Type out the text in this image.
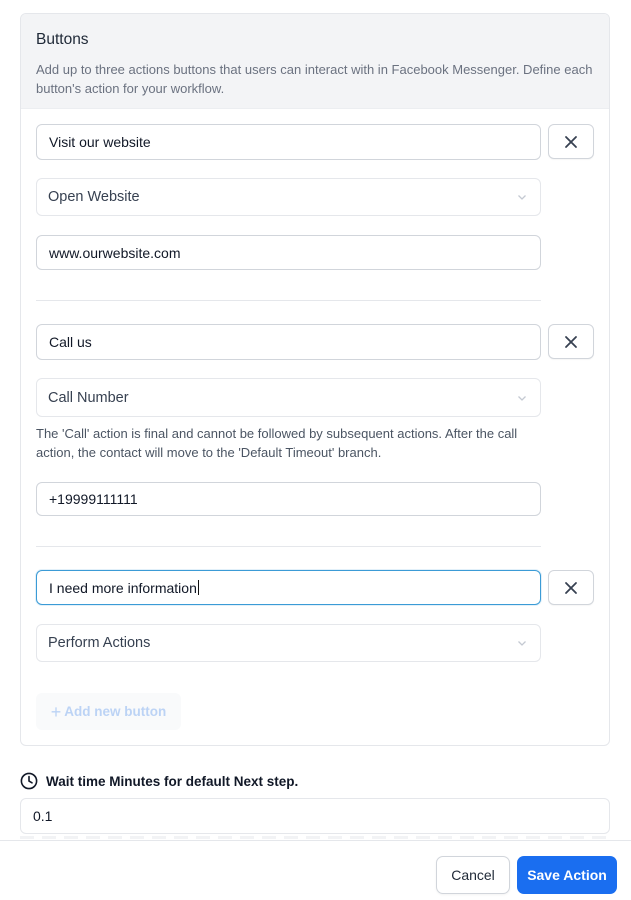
Buttons

Add up to three actions buttons that users can interact with in Facebook Messenger. Define each button's action for your workflow.

Visit our website
Open Website
www.ourwebsite.com
Call us
Call Number
The 'Call' action is final and cannot be followed by subsequent actions. After the call action, the contact will move to the 'Default Timeout' branch.
+19999111111
I need more information
Perform Actions
+ Add new button
Wait time Minutes for default Next step.
0.1
Cancel	Save Action
